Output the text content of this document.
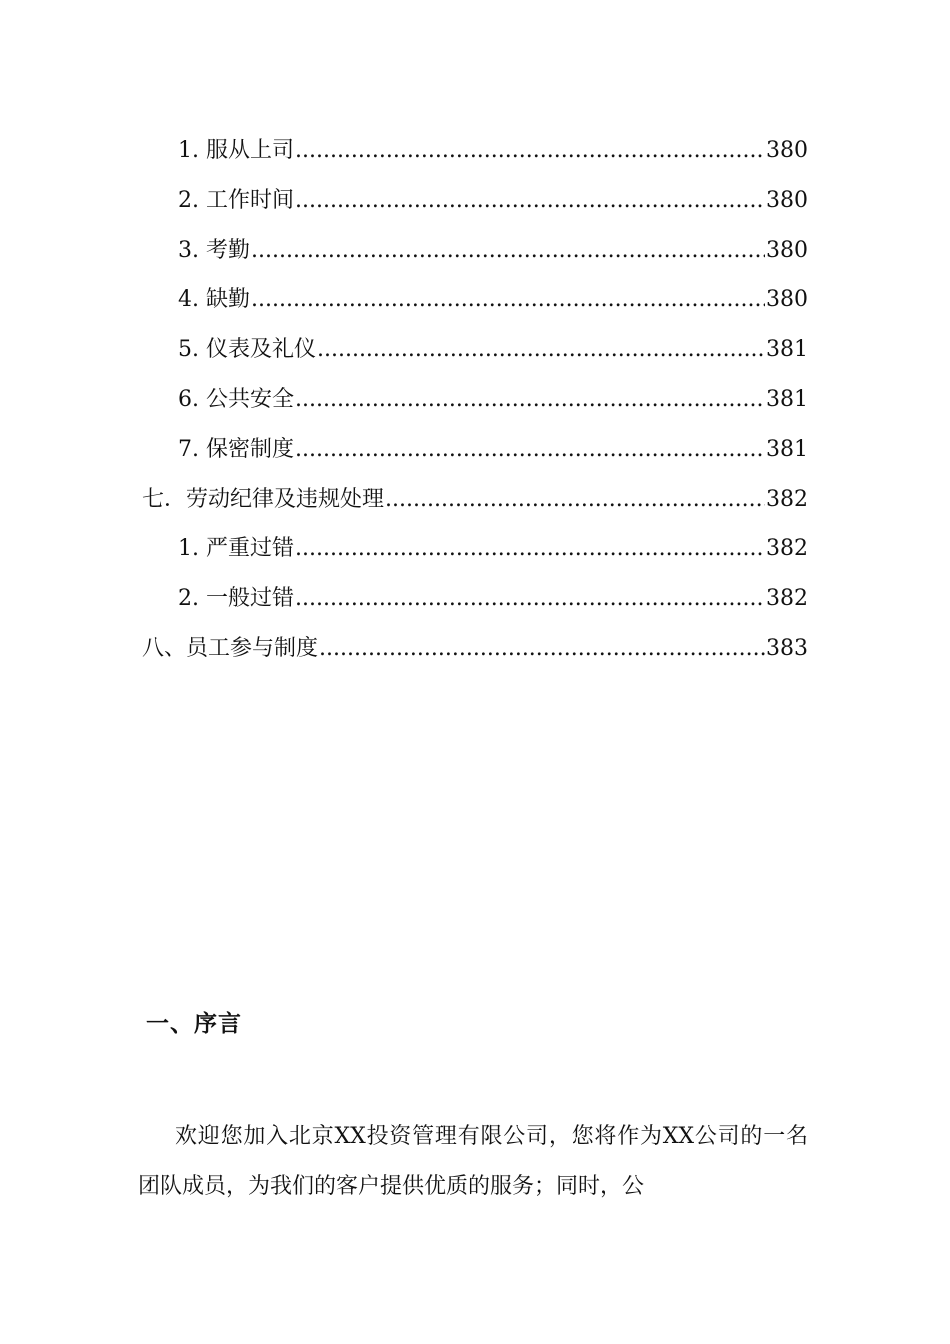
1. 服从上司 .....	380
2. 工作时间 .....	380
3. 考勤 .....	380
4. 缺勤 .....	380
5. 仪表及礼仪 .....	381
6. 公共安全 .....	381
7. 保密制度 .....	381
七．劳动纪律及违规处理 .....	382
1. 严重过错 .....	382
2. 一般过错 .....	382
八、员工参与制度 .....	383
一、序言
欢迎您加入北京XX投资管理有限公司，您将作为XX公司的一名团队成员，为我们的客户提供优质的服务；同时，公
